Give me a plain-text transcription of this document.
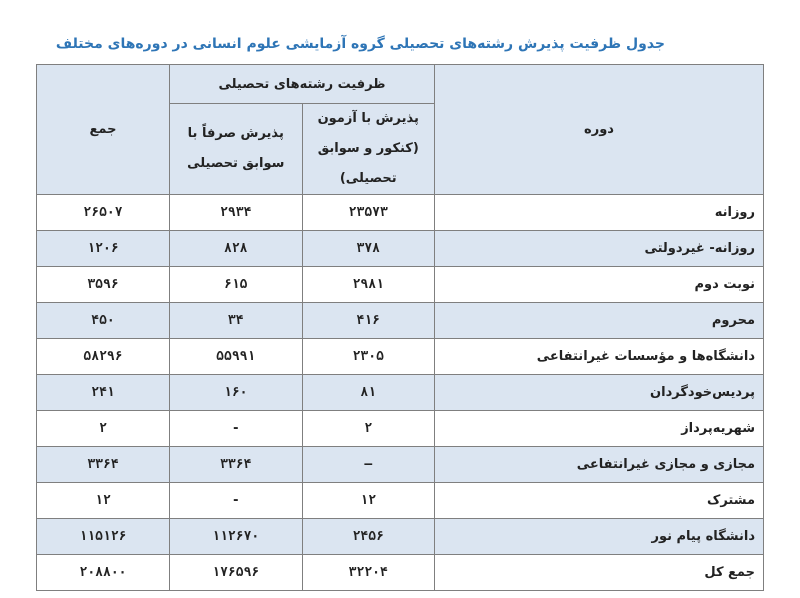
جدول ظرفیت پذیرش رشته‌های تحصیلی گروه آزمایشی علوم انسانی در دوره‌های مختلف
دوره	ظرفیت رشته‌های تحصیلی		جمع
	پذیرش با آزمون (کنکور و سوابق تحصیلی)	پذیرش صرفاً با سوابق تحصیلی	
روزانه	۲۳۵۷۳	۲۹۳۴	۲۶۵۰۷
روزانه- غیردولتی	۳۷۸	۸۲۸	۱۲۰۶
نوبت دوم	۲۹۸۱	۶۱۵	۳۵۹۶
محروم	۴۱۶	۳۴	۴۵۰
دانشگاه‌ها و مؤسسات غیرانتفاعی	۲۳۰۵	۵۵۹۹۱	۵۸۲۹۶
پردیس‌خودگردان	۸۱	۱۶۰	۲۴۱
شهریه‌پرداز	۲	-	۲
مجازی و مجازی غیرانتفاعی	–	۳۳۶۴	۳۳۶۴
مشترک	۱۲	-	۱۲
دانشگاه پیام نور	۲۴۵۶	۱۱۲۶۷۰	۱۱۵۱۲۶
جمع کل	۳۲۲۰۴	۱۷۶۵۹۶	۲۰۸۸۰۰
